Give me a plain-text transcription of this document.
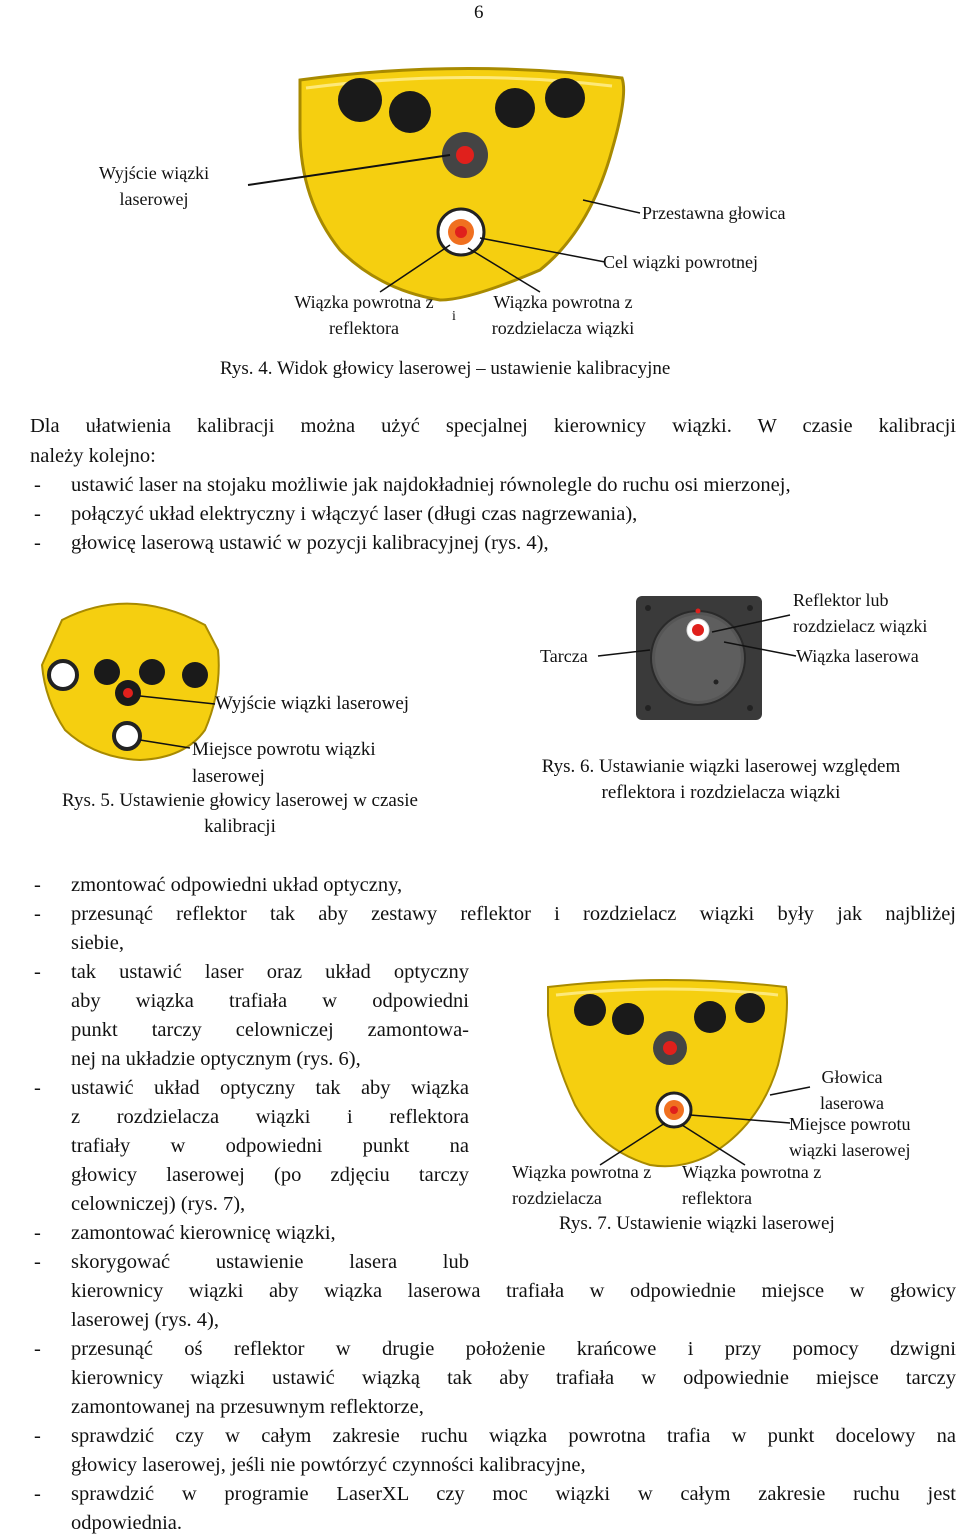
6
Wyjście wiązki
laserowej
Przestawna głowica
Cel wiązki powrotnej
Wiązka powrotna z
reflektora
i
Wiązka powrotna z
rozdzielacza wiązki
Rys. 4. Widok głowicy laserowej – ustawienie kalibracyjne
Dla ułatwienia kalibracji można użyć specjalnej kierownicy wiązki. W czasie kalibracji
należy kolejno:
- ustawić laser na stojaku możliwie jak najdokładniej równolegle do ruchu osi mierzonej,
- połączyć układ elektryczny i włączyć laser (długi czas nagrzewania),
- głowicę laserową ustawić w pozycji kalibracyjnej (rys. 4),
Wyjście wiązki laserowej
Miejsce powrotu wiązki
laserowej
Rys. 5. Ustawienie głowicy laserowej w czasie
kalibracji
Tarcza
Reflektor lub
rozdzielacz wiązki
Wiązka laserowa
Rys. 6. Ustawianie wiązki laserowej względem
reflektora i rozdzielacza wiązki
- zmontować odpowiedni układ optyczny,
- przesunąć reflektor tak aby zestawy reflektor i rozdzielacz wiązki były jak najbliżej
siebie,
- tak ustawić laser oraz układ optyczny
aby wiązka trafiała w odpowiedni
punkt tarczy celowniczej zamontowa-
nej na układzie optycznym (rys. 6),
- ustawić układ optyczny tak aby wiązka
z rozdzielacza wiązki i reflektora
trafiały w odpowiedni punkt na
głowicy laserowej (po zdjęciu tarczy
celowniczej) (rys. 7),
- zamontować kierownicę wiązki,
Głowica
laserowa
Miejsce powrotu
wiązki laserowej
Wiązka powrotna z
rozdzielacza
Wiązka powrotna z
reflektora
Rys. 7. Ustawienie wiązki laserowej
- skorygować ustawienie lasera lub
kierownicy wiązki aby wiązka laserowa trafiała w odpowiednie miejsce w głowicy
laserowej (rys. 4),
- przesunąć oś reflektor w drugie położenie krańcowe i przy pomocy dzwigni
kierownicy wiązki ustawić wiązką tak aby trafiała w odpowiednie miejsce tarczy
zamontowanej na przesuwnym reflektorze,
- sprawdzić czy w całym zakresie ruchu wiązka powrotna trafia w punkt docelowy na
głowicy laserowej, jeśli nie powtórzyć czynności kalibracyjne,
- sprawdzić w programie LaserXL czy moc wiązki w całym zakresie ruchu jest
odpowiednia.
